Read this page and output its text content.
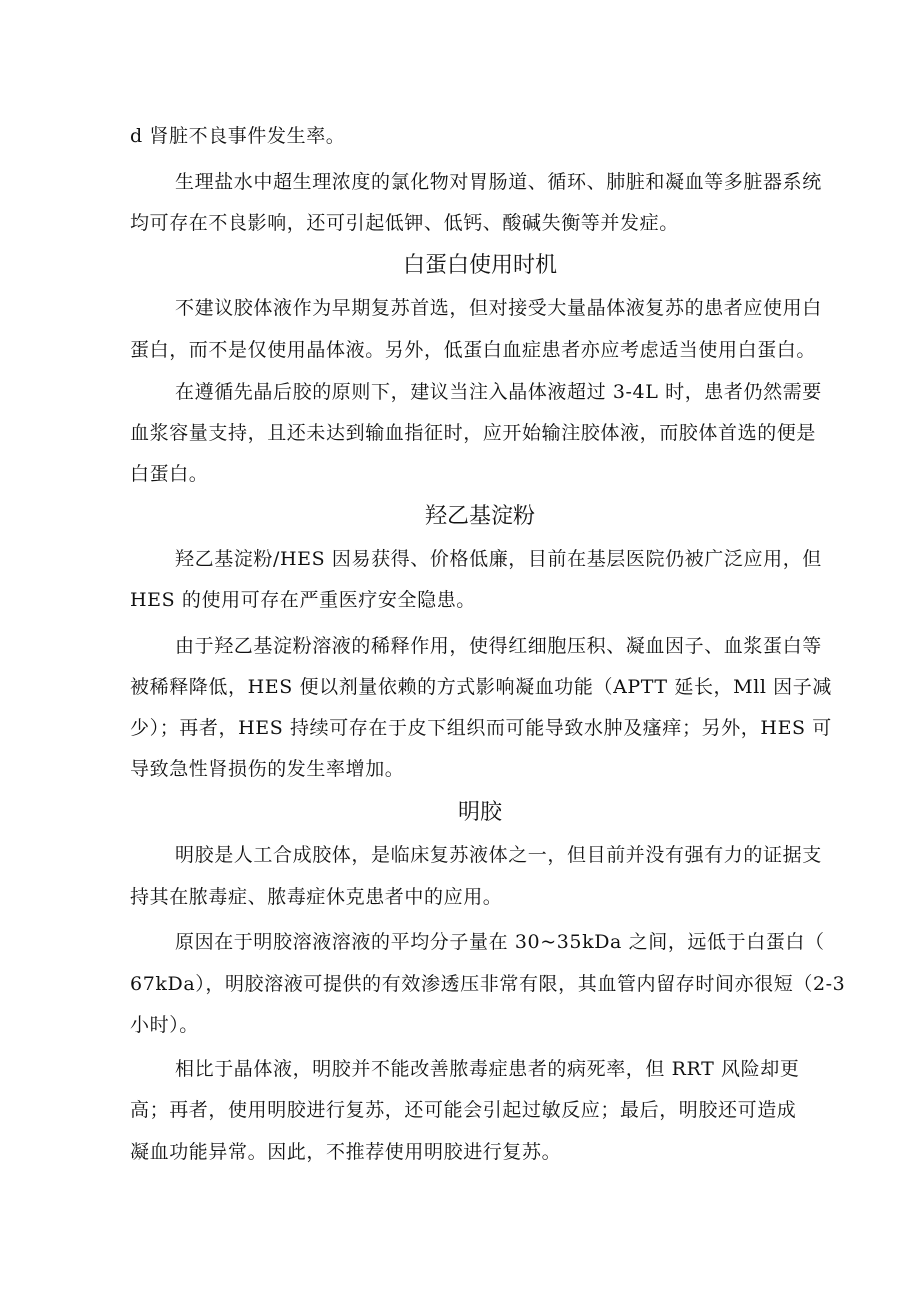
d 肾脏不良事件发生率。
生理盐水中超生理浓度的氯化物对胃肠道、循环、肺脏和凝血等多脏器系统
均可存在不良影响，还可引起低钾、低钙、酸碱失衡等并发症。
白蛋白使用时机
不建议胶体液作为早期复苏首选，但对接受大量晶体液复苏的患者应使用白
蛋白，而不是仅使用晶体液。另外，低蛋白血症患者亦应考虑适当使用白蛋白。
在遵循先晶后胶的原则下，建议当注入晶体液超过 3-4L 时，患者仍然需要
血浆容量支持，且还未达到输血指征时，应开始输注胶体液，而胶体首选的便是
白蛋白。
羟乙基淀粉
羟乙基淀粉/HES 因易获得、价格低廉，目前在基层医院仍被广泛应用，但
HES 的使用可存在严重医疗安全隐患。
由于羟乙基淀粉溶液的稀释作用，使得红细胞压积、凝血因子、血浆蛋白等
被稀释降低，HES 便以剂量依赖的方式影响凝血功能（APTT 延长，Mll 因子减
少）；再者，HES 持续可存在于皮下组织而可能导致水肿及瘙痒；另外，HES 可
导致急性肾损伤的发生率增加。
明胶
明胶是人工合成胶体，是临床复苏液体之一，但目前并没有强有力的证据支
持其在脓毒症、脓毒症休克患者中的应用。
原因在于明胶溶液溶液的平均分子量在 30~35kDa 之间，远低于白蛋白（
67kDa），明胶溶液可提供的有效渗透压非常有限，其血管内留存时间亦很短（2-3
小时）。
相比于晶体液，明胶并不能改善脓毒症患者的病死率，但 RRT 风险却更
高；再者，使用明胶进行复苏，还可能会引起过敏反应；最后，明胶还可造成
凝血功能异常。因此，不推荐使用明胶进行复苏。
